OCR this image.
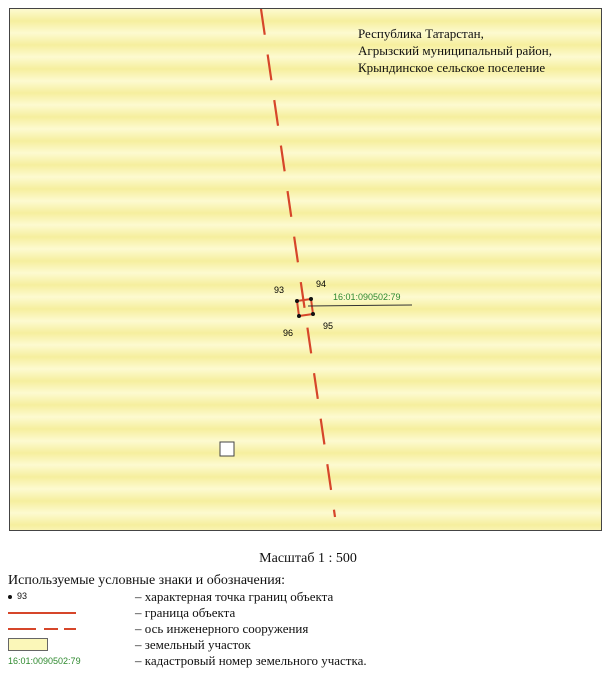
93
94
95
96
16:01:090502:79
Республика Татарстан,
Агрызский муниципальный район,
Крындинское сельское поселение
Масштаб 1 : 500
Используемые условные знаки и обозначения:
93	– характерная точка границ объекта
– граница объекта
– ось инженерного сооружения
– земельный участок
16:01:0090502:79	– кадастровый номер земельного участка.
